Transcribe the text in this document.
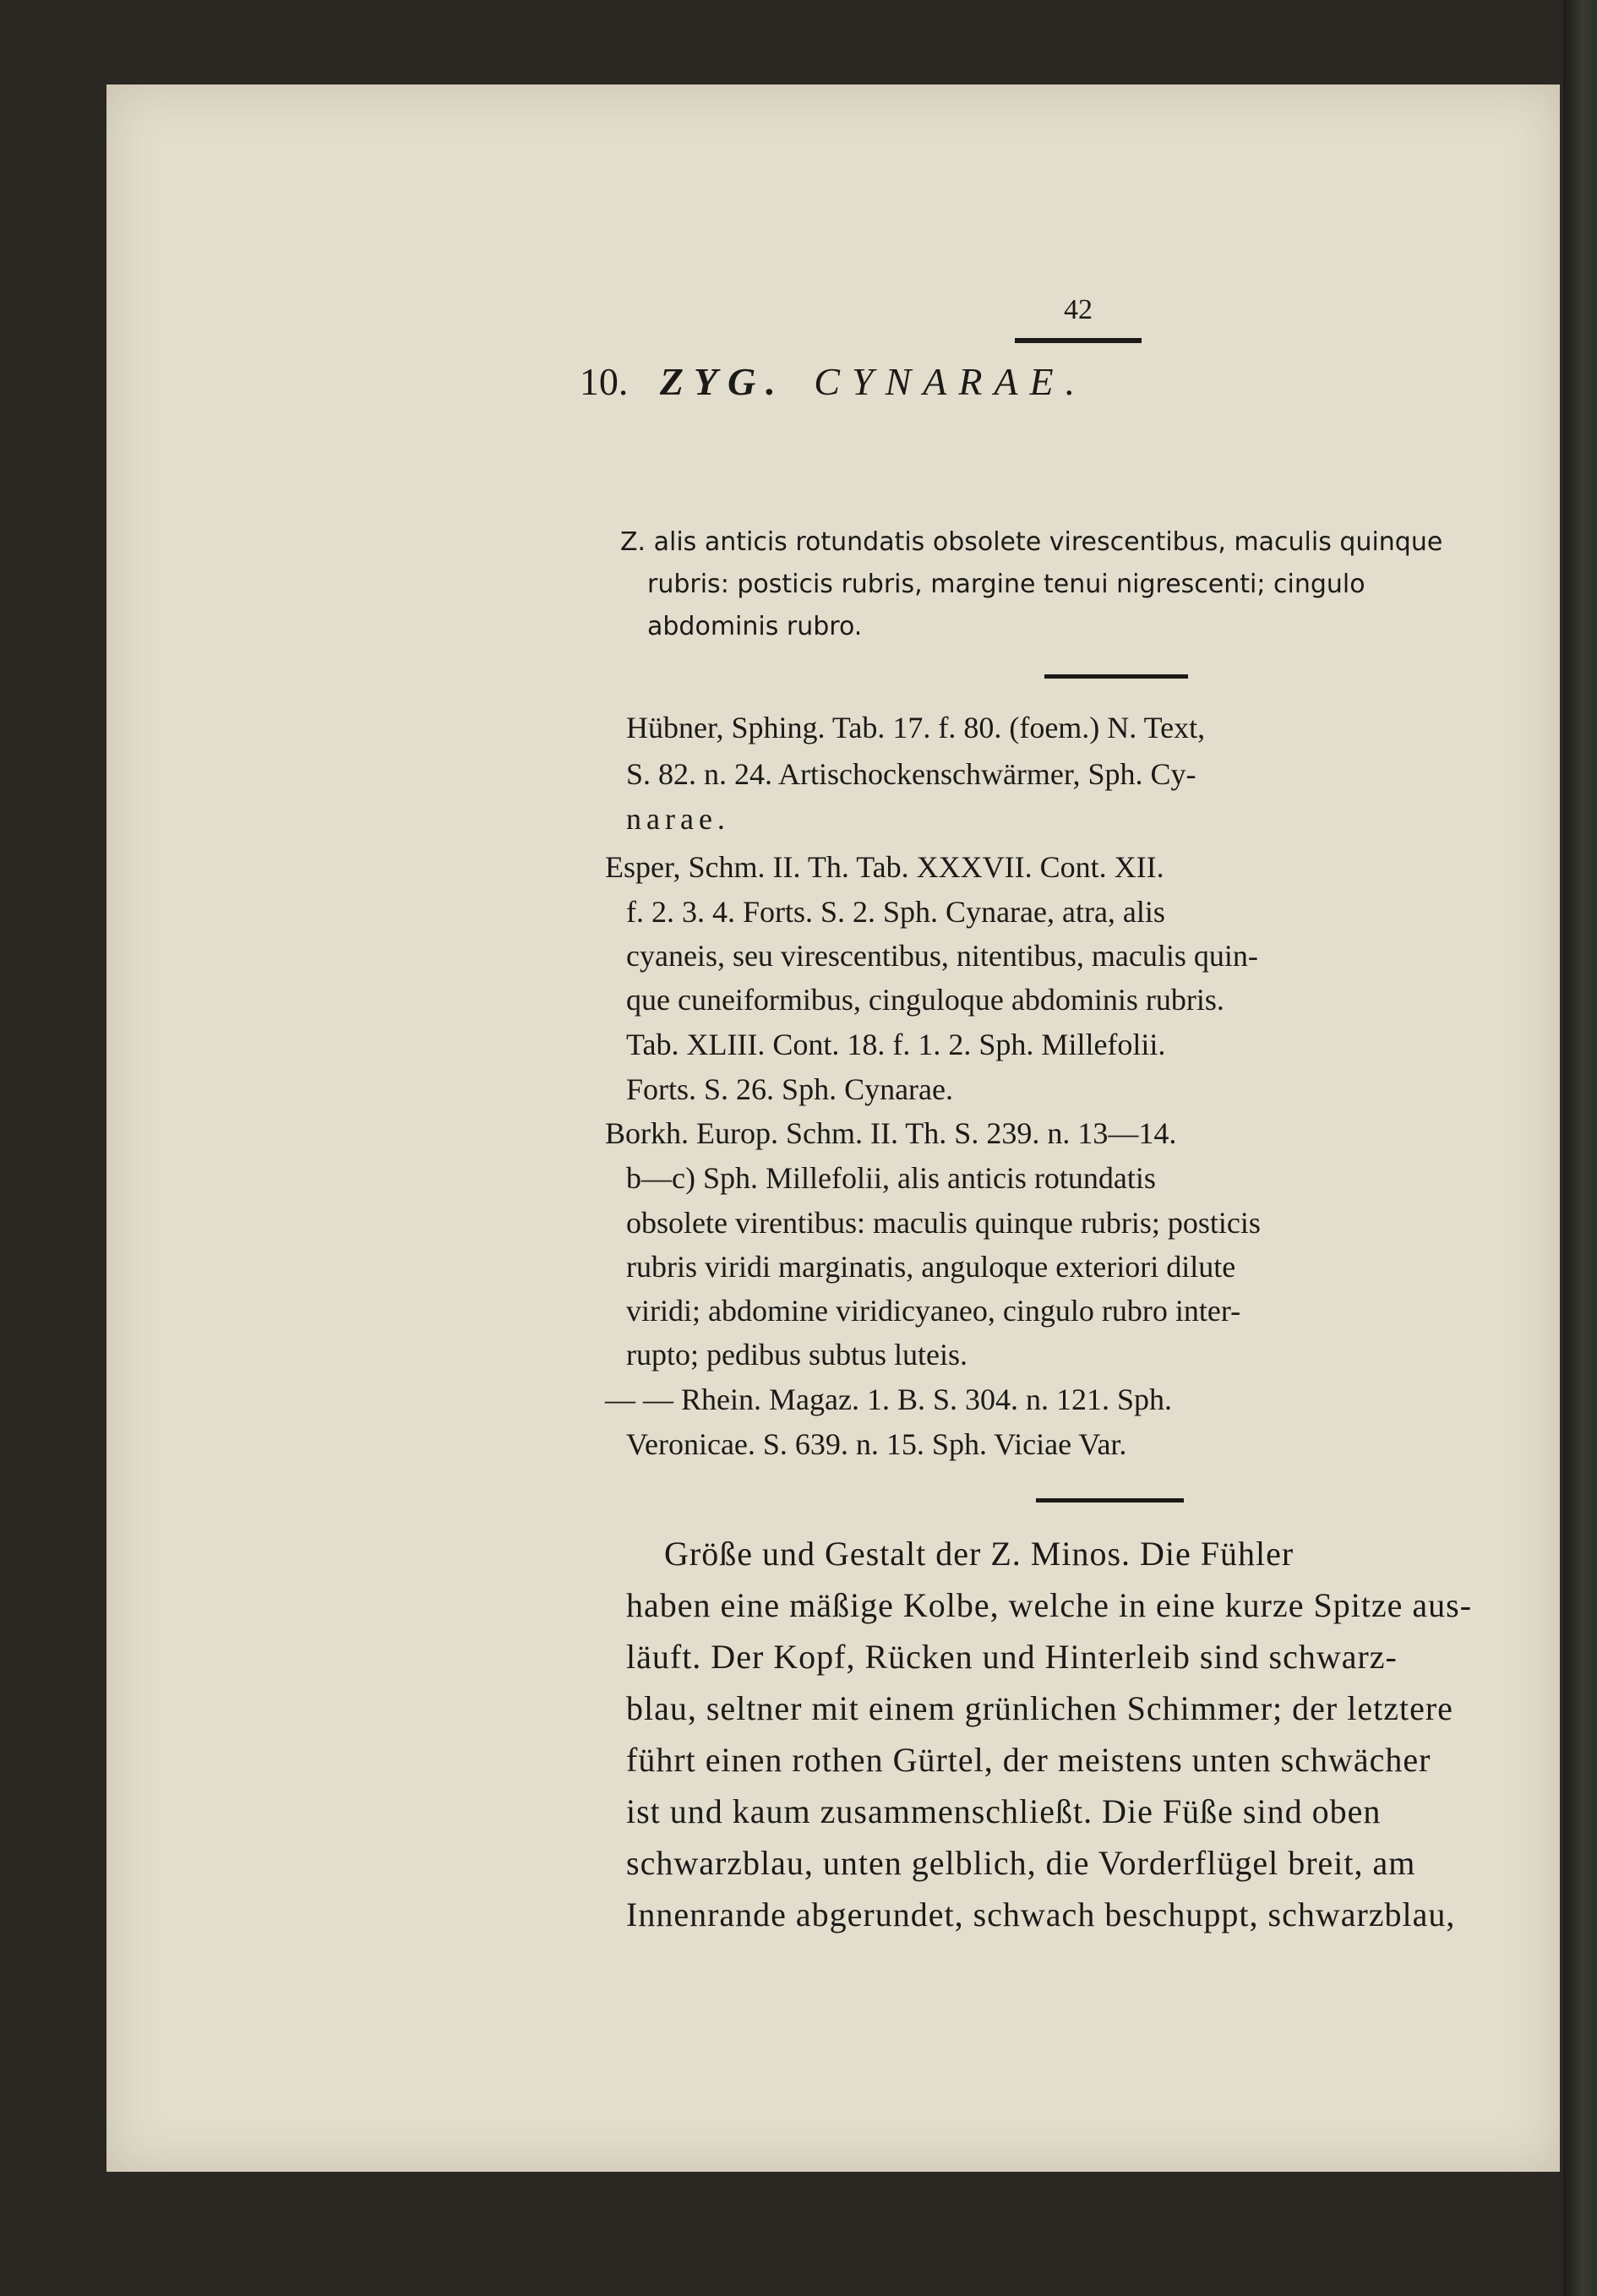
42
10. ZYG. CYNARAE.
Z. alis anticis rotundatis obsolete virescentibus, maculis quinque
rubris: posticis rubris, margine tenui nigrescenti; cingulo
abdominis rubro.
Hübner, Sphing. Tab. 17. f. 80. (foem.) N. Text,
S. 82. n. 24. Artischockenschwärmer, Sph. Cy-
narae.
Esper, Schm. II. Th. Tab. XXXVII. Cont. XII.
f. 2. 3. 4. Forts. S. 2. Sph. Cynarae, atra, alis
cyaneis, seu virescentibus, nitentibus, maculis quin-
que cuneiformibus, cinguloque abdominis rubris.
Tab. XLIII. Cont. 18. f. 1. 2. Sph. Millefolii.
Forts. S. 26. Sph. Cynarae.
Borkh. Europ. Schm. II. Th. S. 239. n. 13—14.
b—c) Sph. Millefolii, alis anticis rotundatis
obsolete virentibus: maculis quinque rubris; posticis
rubris viridi marginatis, anguloque exteriori dilute
viridi; abdomine viridicyaneo, cingulo rubro inter-
rupto; pedibus subtus luteis.
— — Rhein. Magaz. 1. B. S. 304. n. 121. Sph.
Veronicae. S. 639. n. 15. Sph. Viciae Var.
Größe und Gestalt der Z. Minos. Die Fühler
haben eine mäßige Kolbe, welche in eine kurze Spitze aus-
läuft. Der Kopf, Rücken und Hinterleib sind schwarz-
blau, seltner mit einem grünlichen Schimmer; der letztere
führt einen rothen Gürtel, der meistens unten schwächer
ist und kaum zusammenschließt. Die Füße sind oben
schwarzblau, unten gelblich, die Vorderflügel breit, am
Innenrande abgerundet, schwach beschuppt, schwarzblau,
